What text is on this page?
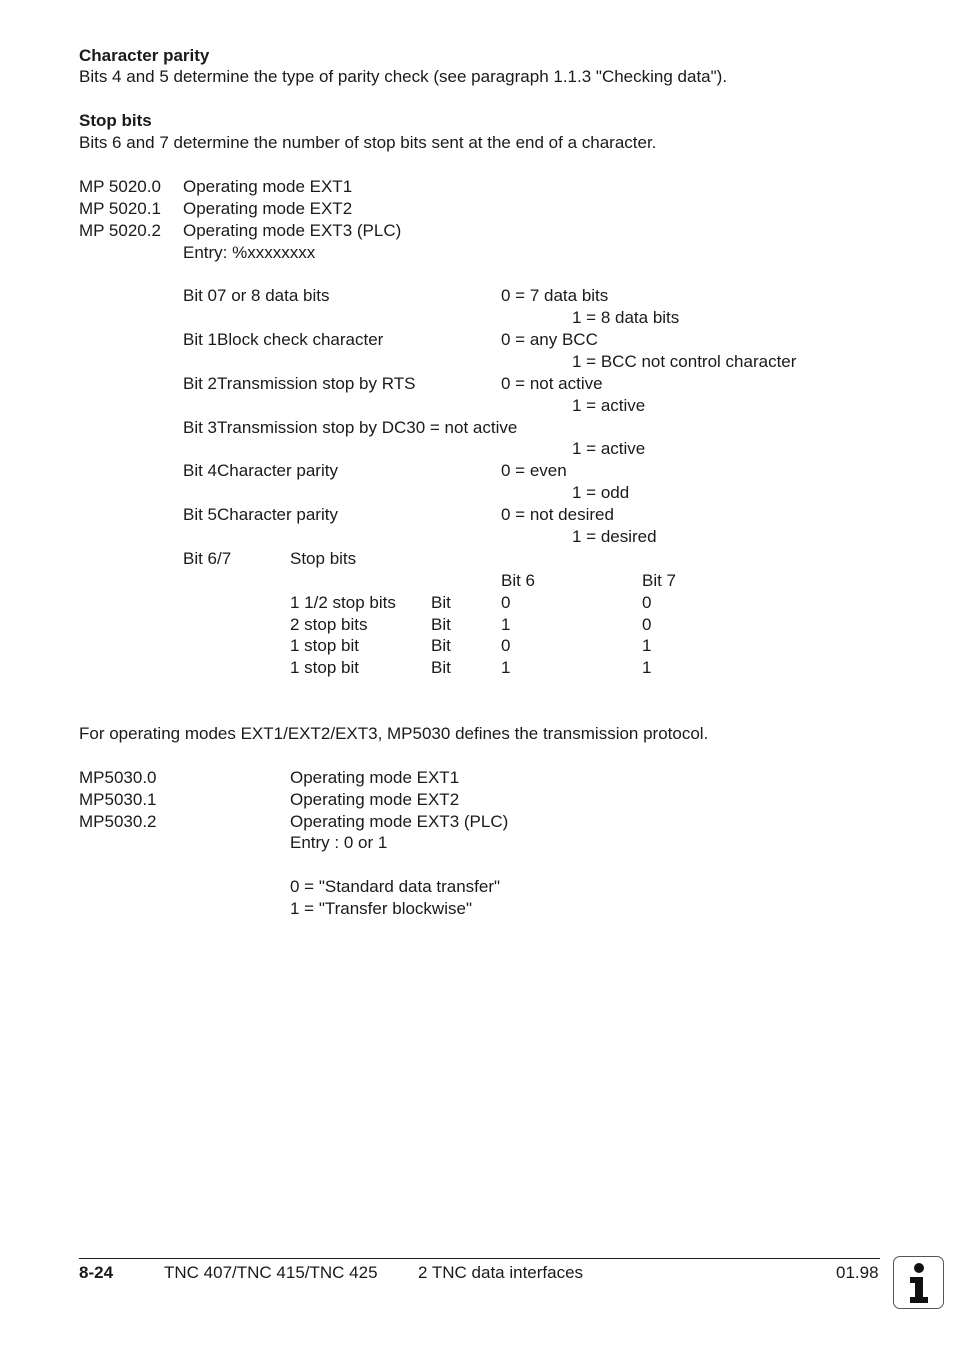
Character parity
Bits 4 and 5 determine the type of parity check (see paragraph 1.1.3 "Checking data").
Stop bits
Bits 6 and 7 determine the number of stop bits sent at the end of a character.
MP 5020.0 Operating mode EXT1
MP 5020.1 Operating mode EXT2
MP 5020.2 Operating mode EXT3 (PLC)
Entry: %xxxxxxxx
Bit 07 or 8 data bits	0 = 7 data bits
1 = 8 data bits
Bit 1Block check character	0 = any BCC
1 = BCC not control character
Bit 2Transmission stop by RTS	0 = not active
1 = active
Bit 3Transmission stop by DC30 = not active
1 = active
Bit 4Character parity	0 = even
1 = odd
Bit 5Character parity	0 = not desired
1 = desired
Bit 6/7	Stop bits
Bit 6	Bit 7
1 1/2 stop bits Bit	0	0
2 stop bits	Bit	1	0
1 stop bit	Bit	0	1
1 stop bit	Bit	1	1
For operating modes EXT1/EXT2/EXT3, MP5030 defines the transmission protocol.
MP5030.0	Operating mode EXT1
MP5030.1	Operating mode EXT2
MP5030.2	Operating mode EXT3 (PLC)
Entry : 0 or 1
0 = "Standard data transfer"
1 = "Transfer blockwise"
8-24	TNC 407/TNC 415/TNC 425 2 TNC data interfaces	01.98
